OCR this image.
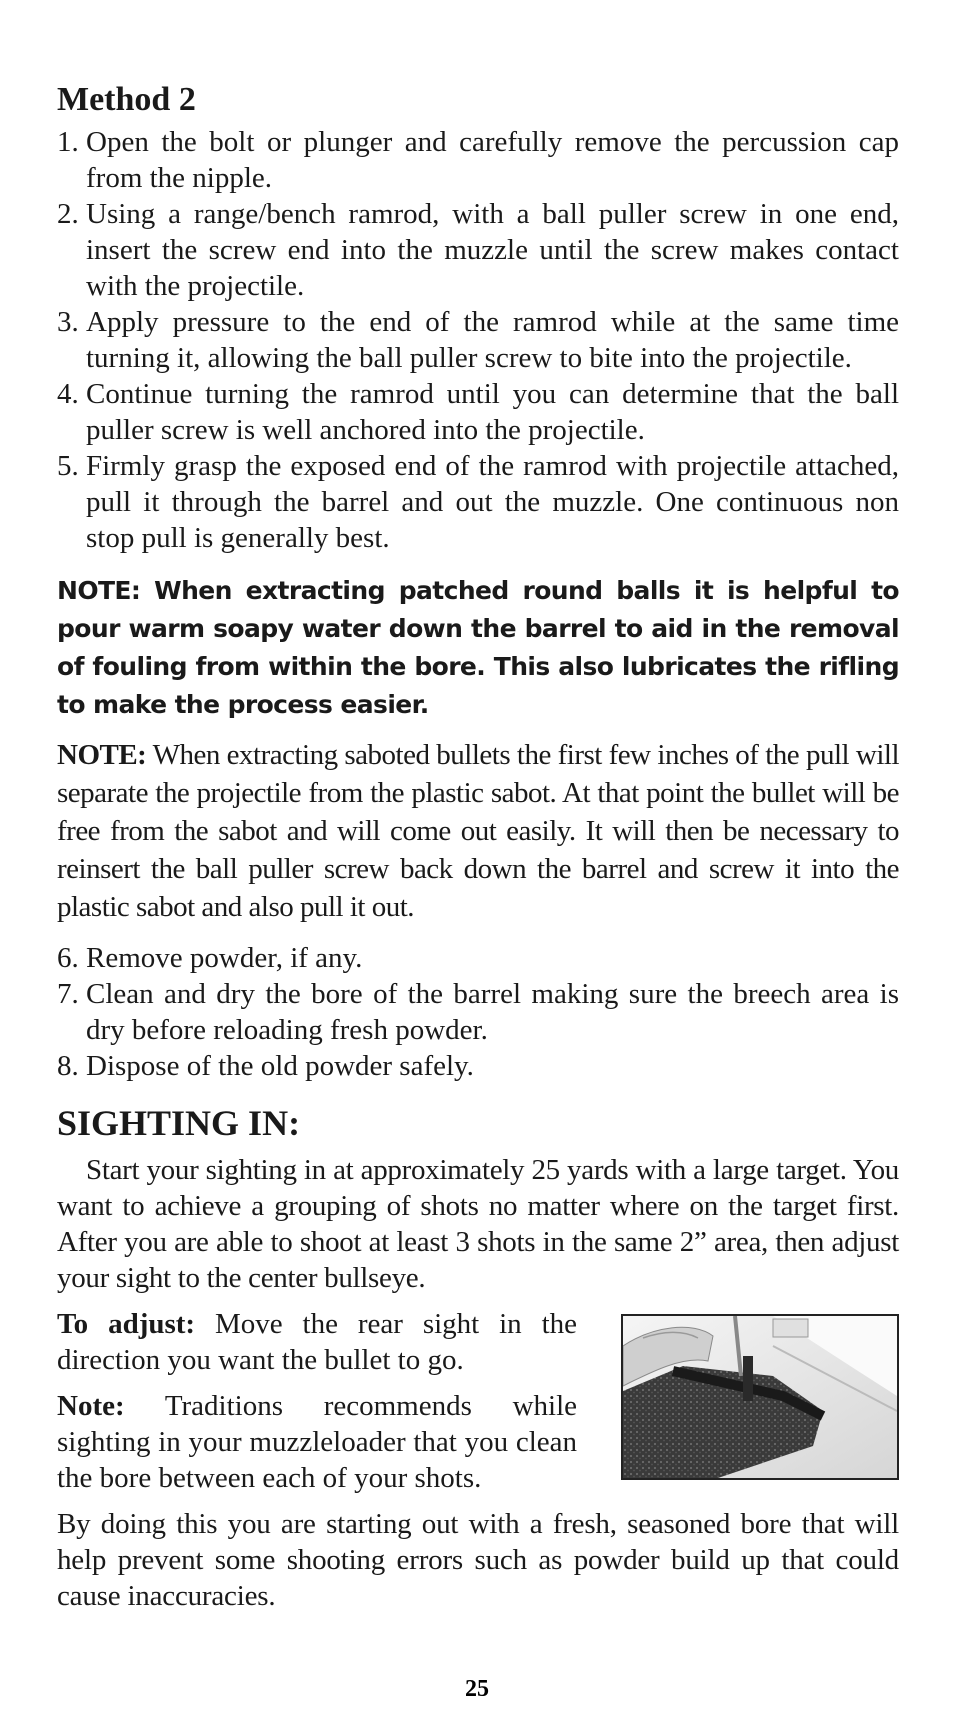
Method 2
1. Open the bolt or plunger and carefully remove the percussion cap from the nipple.
2. Using a range/bench ramrod, with a ball puller screw in one end, insert the screw end into the muzzle until the screw makes contact with the projectile.
3. Apply pressure to the end of the ramrod while at the same time turning it, allowing the ball puller screw to bite into the projectile.
4. Continue turning the ramrod until you can determine that the ball puller screw is well anchored into the projectile.
5. Firmly grasp the exposed end of the ramrod with projectile attached, pull it through the barrel and out the muzzle. One continuous non stop pull is generally best.

NOTE: When extracting patched round balls it is helpful to pour warm soapy water down the barrel to aid in the removal of fouling from within the bore. This also lubricates the rifling to make the process easier.

NOTE: When extracting saboted bullets the first few inches of the pull will separate the projectile from the plastic sabot. At that point the bullet will be free from the sabot and will come out easily. It will then be necessary to reinsert the ball puller screw back down the barrel and screw it into the plastic sabot and also pull it out.

6. Remove powder, if any.
7. Clean and dry the bore of the barrel making sure the breech area is dry before reloading fresh powder.
8. Dispose of the old powder safely.
SIGHTING IN:

Start your sighting in at approximately 25 yards with a large target. You want to achieve a grouping of shots no matter where on the target first. After you are able to shoot at least 3 shots in the same 2” area, then adjust your sight to the center bullseye.

To adjust: Move the rear sight in the direction you want the bullet to go.

Note: Traditions recommends while sighting in your muzzleloader that you clean the bore between each of your shots.

By doing this you are starting out with a fresh, seasoned bore that will help prevent some shooting errors such as powder build up that could cause inaccuracies.

25
